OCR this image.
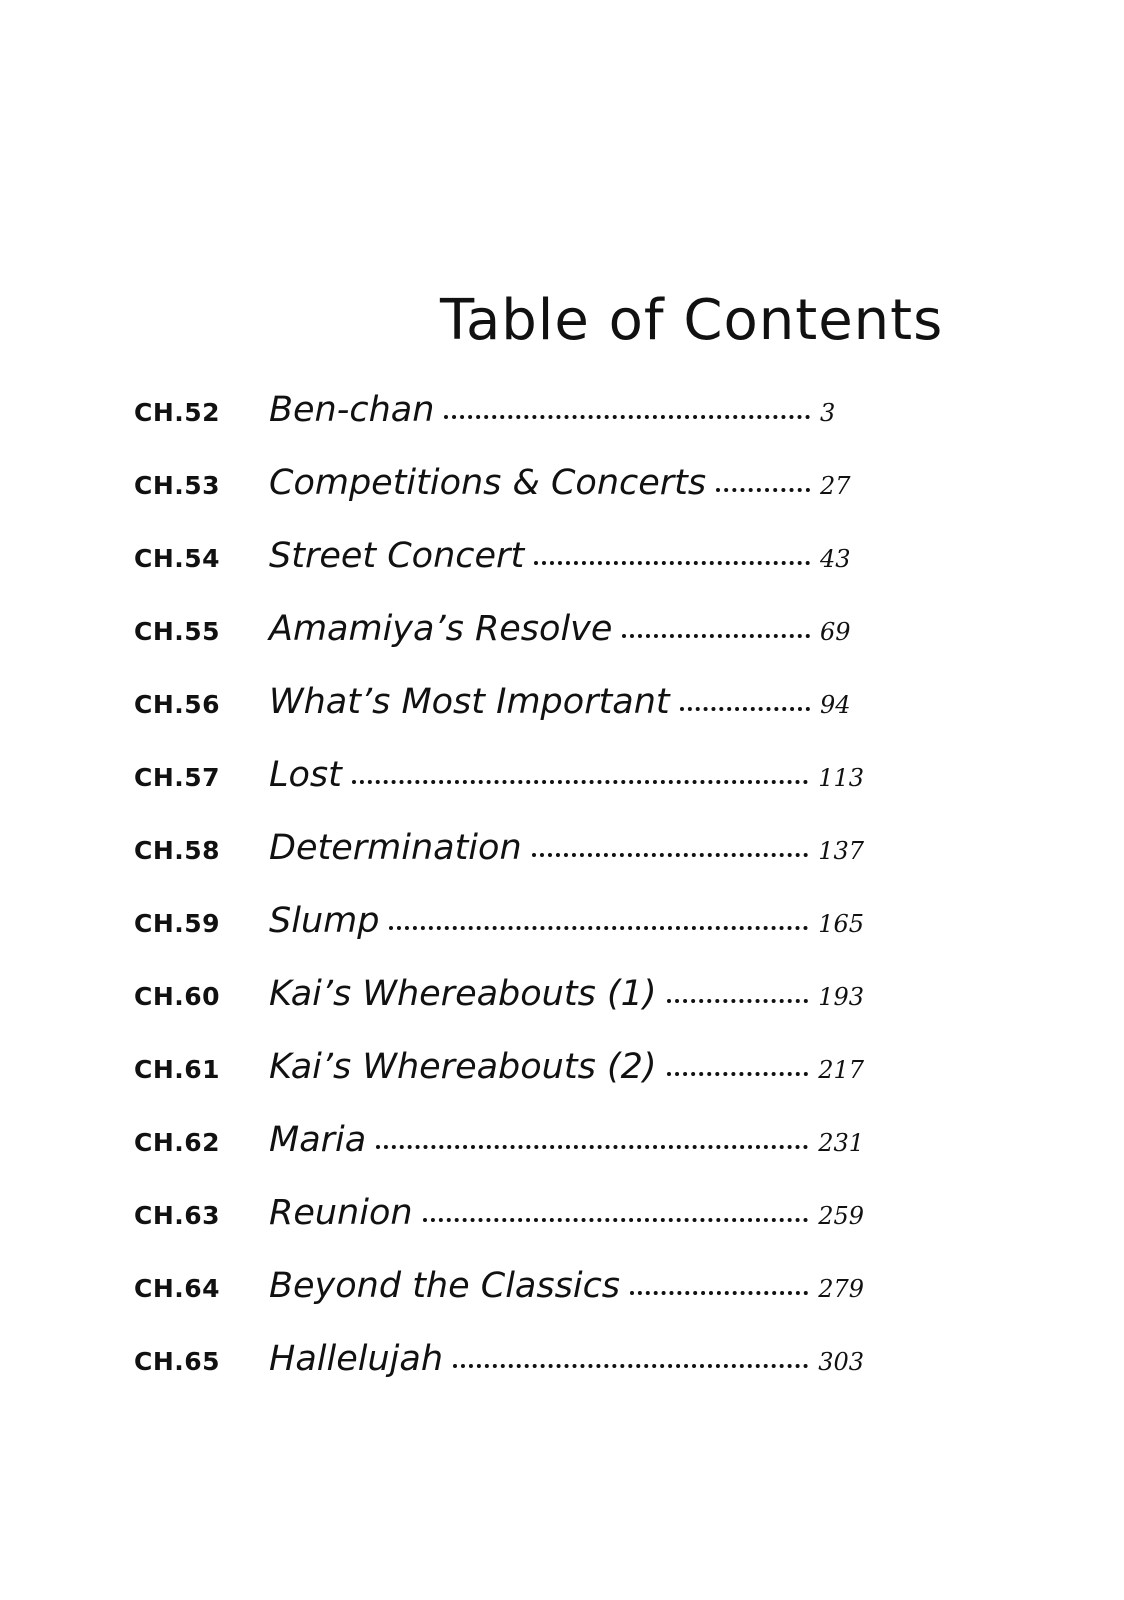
Table of Contents
CH.52	Ben-chan	3
CH.53	Competitions & Concerts	27
CH.54	Street Concert	43
CH.55	Amamiya’s Resolve	69
CH.56	What’s Most Important	94
CH.57	Lost	113
CH.58	Determination	137
CH.59	Slump	165
CH.60	Kai’s Whereabouts (1)	193
CH.61	Kai’s Whereabouts (2)	217
CH.62	Maria	231
CH.63	Reunion	259
CH.64	Beyond the Classics	279
CH.65	Hallelujah	303
